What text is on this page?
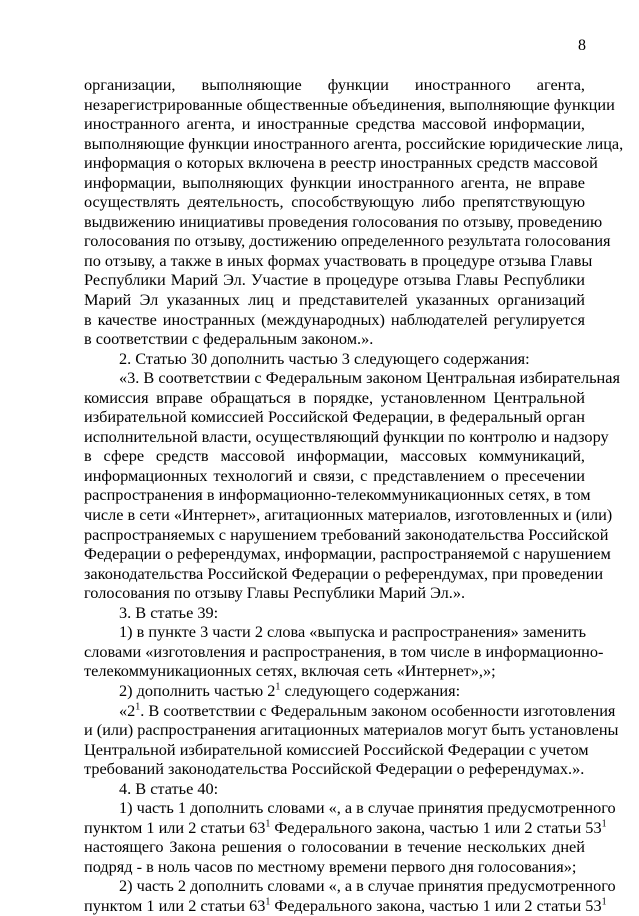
8

организации, выполняющие функции иностранного агента,
незарегистрированные общественные объединения, выполняющие функции
иностранного агента, и иностранные средства массовой информации,
выполняющие функции иностранного агента, российские юридические лица,
информация о которых включена в реестр иностранных средств массовой
информации, выполняющих функции иностранного агента, не вправе
осуществлять деятельность, способствующую либо препятствующую
выдвижению инициативы проведения голосования по отзыву, проведению
голосования по отзыву, достижению определенного результата голосования
по отзыву, а также в иных формах участвовать в процедуре отзыва Главы
Республики Марий Эл. Участие в процедуре отзыва Главы Республики
Марий Эл указанных лиц и представителей указанных организаций
в качестве иностранных (международных) наблюдателей регулируется
в соответствии с федеральным законом.».

2. Статью 30 дополнить частью 3 следующего содержания:

«3. В соответствии с Федеральным законом Центральная избирательная
комиссия вправе обращаться в порядке, установленном Центральной
избирательной комиссией Российской Федерации, в федеральный орган
исполнительной власти, осуществляющий функции по контролю и надзору
в сфере средств массовой информации, массовых коммуникаций,
информационных технологий и связи, с представлением о пресечении
распространения в информационно-телекоммуникационных сетях, в том
числе в сети «Интернет», агитационных материалов, изготовленных и (или)
распространяемых с нарушением требований законодательства Российской
Федерации о референдумах, информации, распространяемой с нарушением
законодательства Российской Федерации о референдумах, при проведении
голосования по отзыву Главы Республики Марий Эл.».

3. В статье 39:

1) в пункте 3 части 2 слова «выпуска и распространения» заменить
словами «изготовления и распространения, в том числе в информационно-
телекоммуникационных сетях, включая сеть «Интернет»,»;

2) дополнить частью $2^1$ следующего содержания:

«$2^1$. В соответствии с Федеральным законом особенности изготовления
и (или) распространения агитационных материалов могут быть установлены
Центральной избирательной комиссией Российской Федерации с учетом
требований законодательства Российской Федерации о референдумах.».

4. В статье 40:

1) часть 1 дополнить словами «, а в случае принятия предусмотренного
пунктом 1 или 2 статьи $63^1$ Федерального закона, частью 1 или 2 статьи $53^1$
настоящего Закона решения о голосовании в течение нескольких дней
подряд - в ноль часов по местному времени первого дня голосования»;

2) часть 2 дополнить словами «, а в случае принятия предусмотренного
пунктом 1 или 2 статьи $63^1$ Федерального закона, частью 1 или 2 статьи $53^1$
